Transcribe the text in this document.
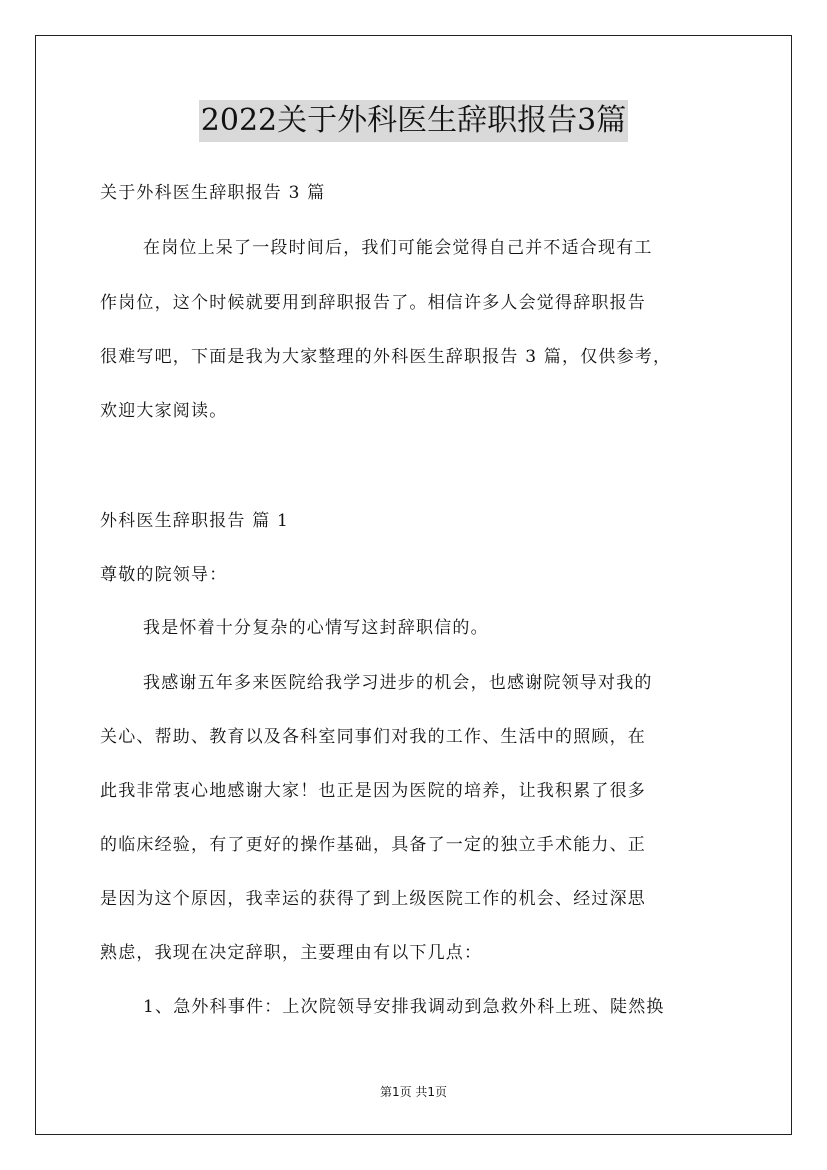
2022关于外科医生辞职报告3篇
关于外科医生辞职报告 3 篇
在岗位上呆了一段时间后，我们可能会觉得自己并不适合现有工
作岗位，这个时候就要用到辞职报告了。相信许多人会觉得辞职报告
很难写吧，下面是我为大家整理的外科医生辞职报告 3 篇，仅供参考，
欢迎大家阅读。
外科医生辞职报告 篇 1
尊敬的院领导：
我是怀着十分复杂的心情写这封辞职信的。
我感谢五年多来医院给我学习进步的机会，也感谢院领导对我的
关心、帮助、教育以及各科室同事们对我的工作、生活中的照顾，在
此我非常衷心地感谢大家！也正是因为医院的培养，让我积累了很多
的临床经验，有了更好的操作基础，具备了一定的独立手术能力、正
是因为这个原因，我幸运的获得了到上级医院工作的机会、经过深思
熟虑，我现在决定辞职，主要理由有以下几点：
1、急外科事件：上次院领导安排我调动到急救外科上班、陡然换
第1页 共1页
